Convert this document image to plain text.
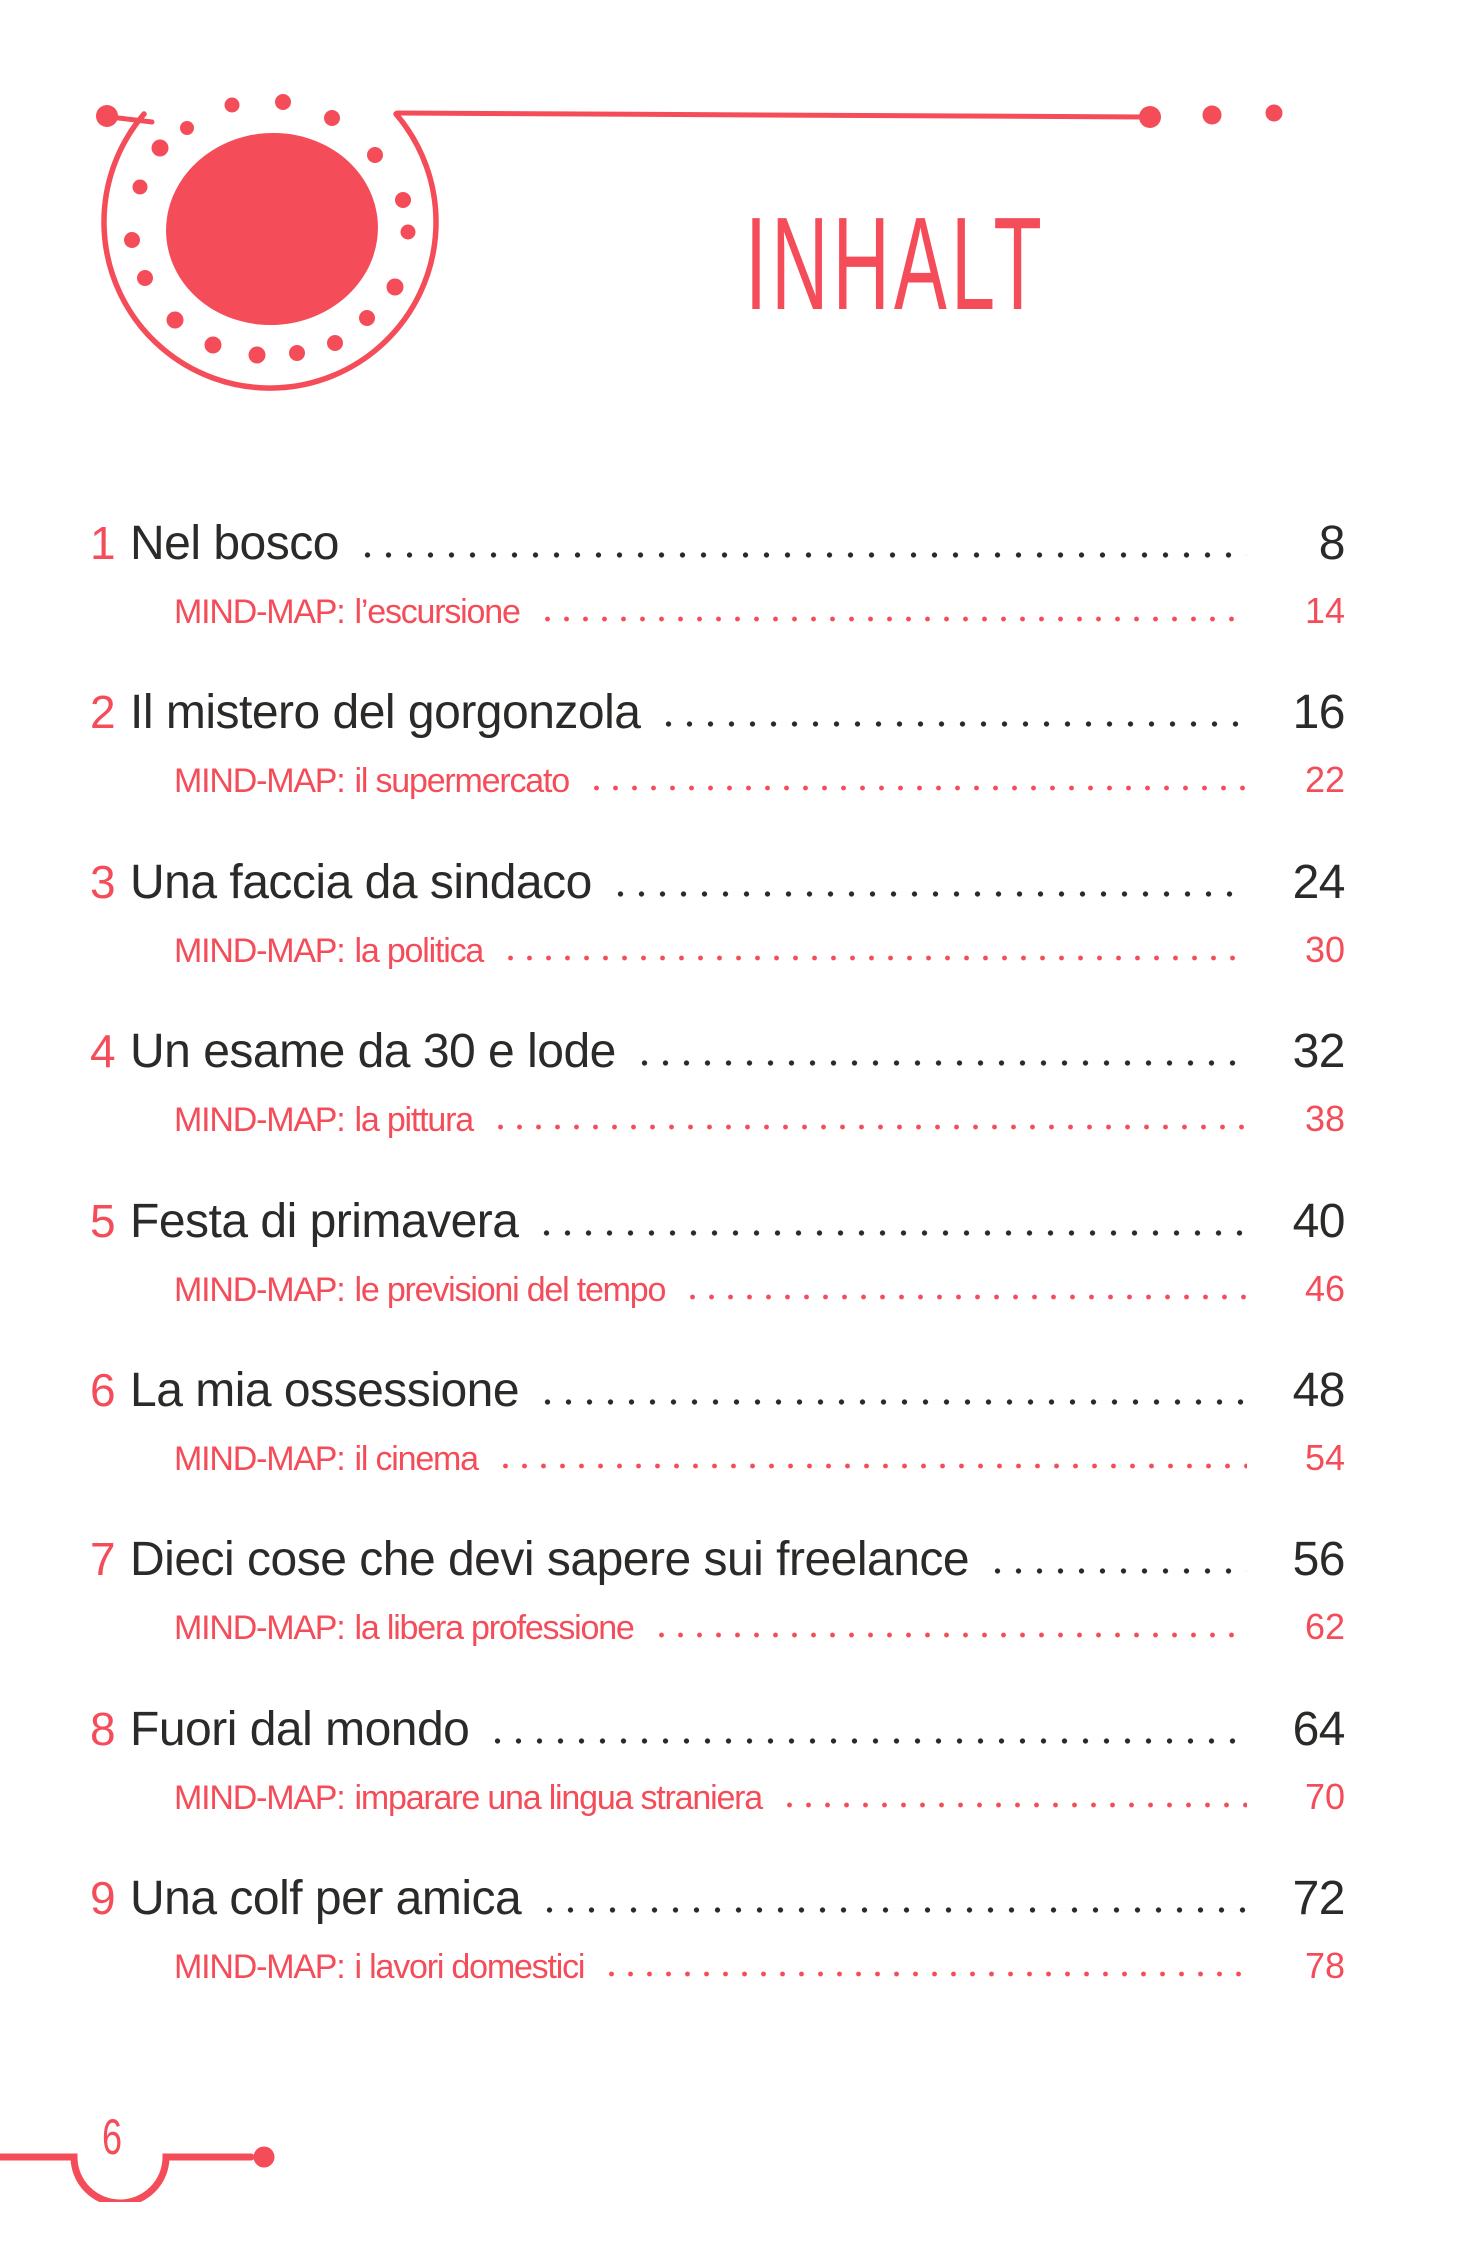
INHALT
1 Nel bosco	8
MIND-MAP: l’escursione	14
2 Il mistero del gorgonzola	16
MIND-MAP: il supermercato	22
3 Una faccia da sindaco	24
MIND-MAP: la politica	30
4 Un esame da 30 e lode	32
MIND-MAP: la pittura	38
5 Festa di primavera	40
MIND-MAP: le previsioni del tempo	46
6 La mia ossessione	48
MIND-MAP: il cinema	54
7 Dieci cose che devi sapere sui freelance	56
MIND-MAP: la libera professione	62
8 Fuori dal mondo	64
MIND-MAP: imparare una lingua straniera	70
9 Una colf per amica	72
MIND-MAP: i lavori domestici	78
6
